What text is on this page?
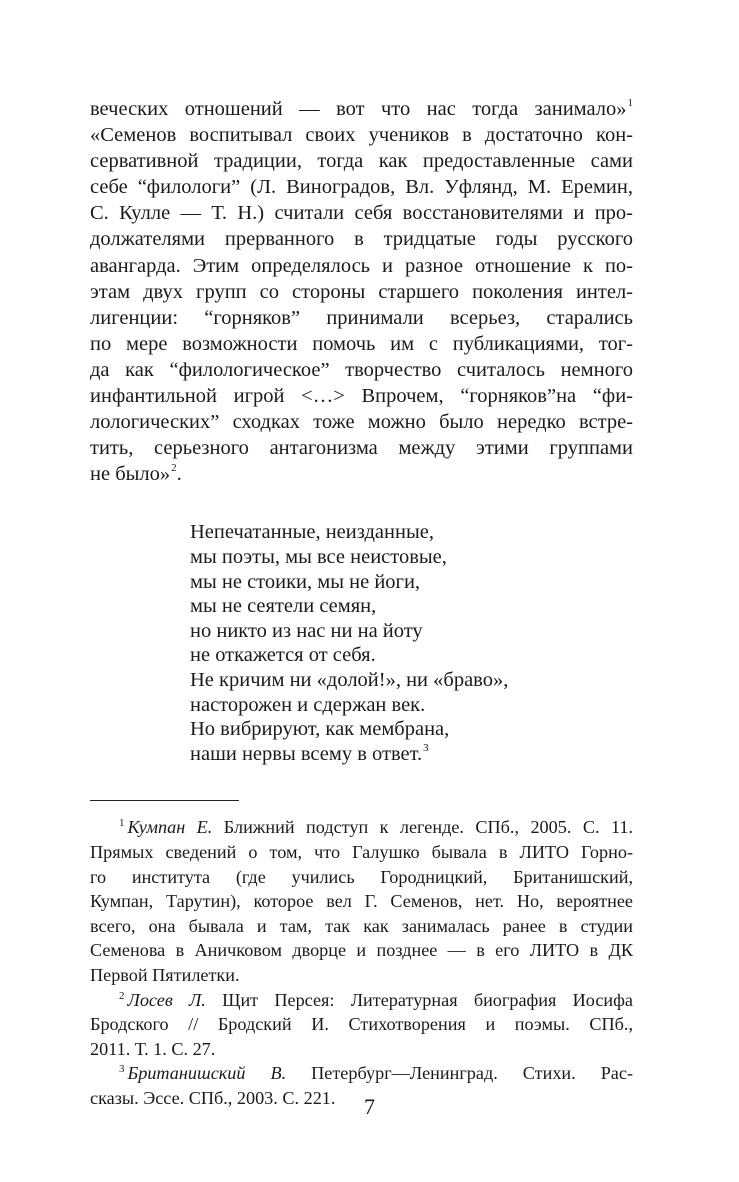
веческих отношений — вот что нас тогда занимало»$^1$
«Семенов воспитывал своих учеников в достаточно кон-
сервативной традиции, тогда как предоставленные сами
себе “филологи” (Л. Виноградов, Вл. Уфлянд, М. Еремин,
С. Кулле — Т. Н.) считали себя восстановителями и про-
должателями прерванного в тридцатые годы русского
авангарда. Этим определялось и разное отношение к по-
этам двух групп со стороны старшего поколения интел-
лигенции: “горняков” принимали всерьез, старались
по мере возможности помочь им с публикациями, тог-
да как “филологическое” творчество считалось немного
инфантильной игрой <…> Впрочем, “горняков”на “фи-
лологических” сходках тоже можно было нередко встре-
тить, серьезного антагонизма между этими группами
не было»$^2$.
Непечатанные, неизданные,
мы поэты, мы все неистовые,
мы не стоики, мы не йоги,
мы не сеятели семян,
но никто из нас ни на йоту
не откажется от себя.
Не кричим ни «долой!», ни «браво»,
насторожен и сдержан век.
Но вибрируют, как мембрана,
наши нервы всему в ответ.$^3$
$^1$ Кумпан Е. Ближний подступ к легенде. СПб., 2005. С. 11.
Прямых сведений о том, что Галушко бывала в ЛИТО Горно-
го института (где учились Городницкий, Британишский,
Кумпан, Тарутин), которое вел Г. Семенов, нет. Но, вероятнее
всего, она бывала и там, так как занималась ранее в студии
Семенова в Аничковом дворце и позднее — в его ЛИТО в ДК
Первой Пятилетки.
$^2$ Лосев Л. Щит Персея: Литературная биография Иосифа
Бродского // Бродский И. Стихотворения и поэмы. СПб.,
2011. Т. 1. С. 27.
$^3$ Британишский В. Петербург—Ленинград. Стихи. Рас-
сказы. Эссе. СПб., 2003. С. 221.	7
